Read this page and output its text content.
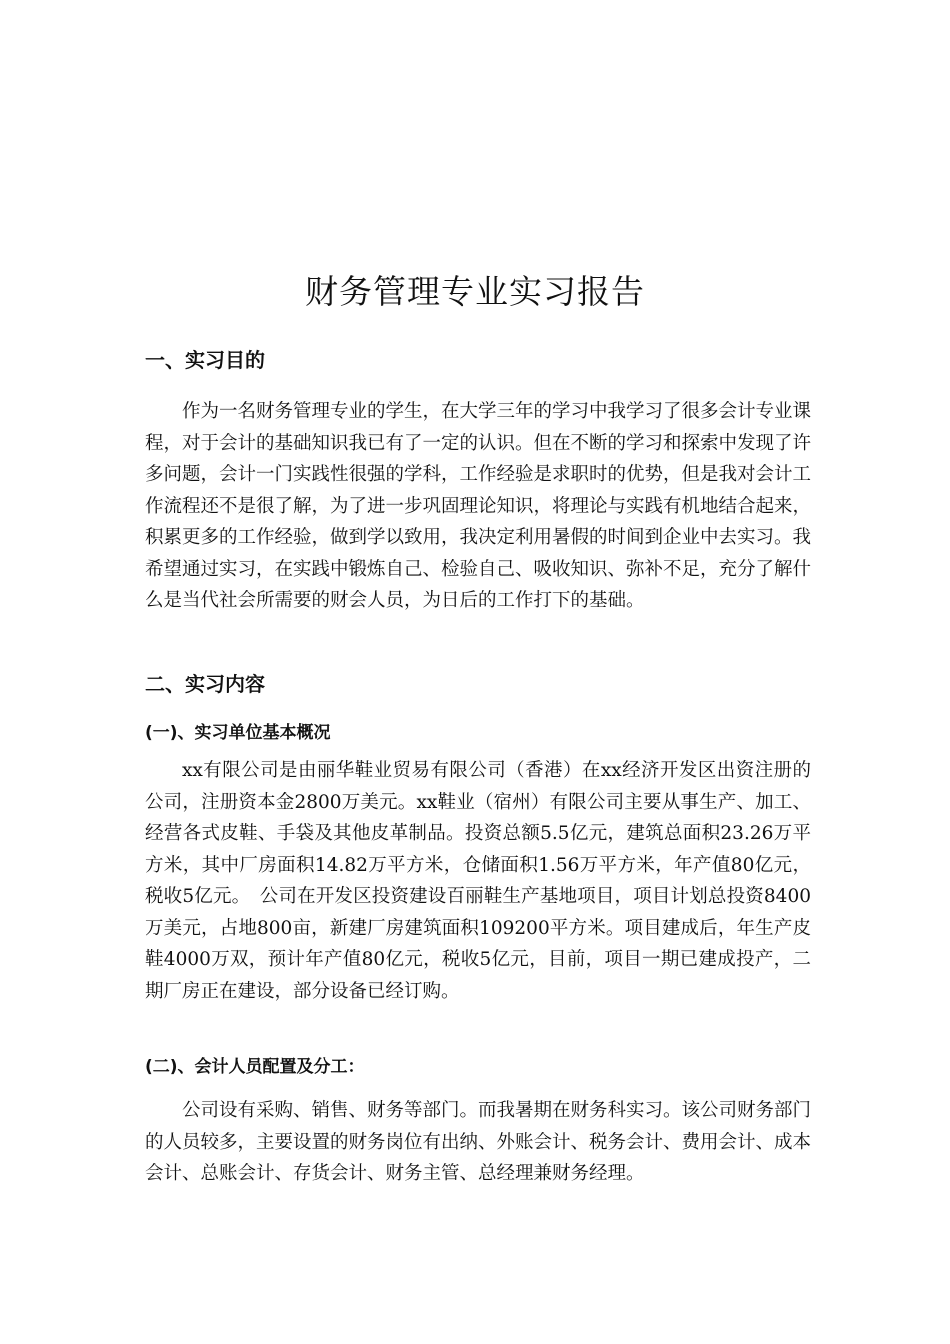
财务管理专业实习报告
一、实习目的

作为一名财务管理专业的学生，在大学三年的学习中我学习了很多会计专业课程，对于会计的基础知识我已有了一定的认识。但在不断的学习和探索中发现了许多问题，会计一门实践性很强的学科，工作经验是求职时的优势，但是我对会计工作流程还不是很了解，为了进一步巩固理论知识，将理论与实践有机地结合起来，积累更多的工作经验，做到学以致用，我决定利用暑假的时间到企业中去实习。我希望通过实习，在实践中锻炼自己、检验自己、吸收知识、弥补不足，充分了解什么是当代社会所需要的财会人员，为日后的工作打下的基础。

二、实习内容
(一)、实习单位基本概况

xx有限公司是由丽华鞋业贸易有限公司（香港）在xx经济开发区出资注册的公司，注册资本金2800万美元。xx鞋业（宿州）有限公司主要从事生产、加工、经营各式皮鞋、手袋及其他皮革制品。投资总额5.5亿元，建筑总面积23.26万平方米，其中厂房面积14.82万平方米，仓储面积1.56万平方米，年产值80亿元，税收5亿元。　公司在开发区投资建设百丽鞋生产基地项目，项目计划总投资8400万美元，占地800亩，新建厂房建筑面积109200平方米。项目建成后，年生产皮鞋4000万双，预计年产值80亿元，税收5亿元，目前，项目一期已建成投产，二期厂房正在建设，部分设备已经订购。

(二)、会计人员配置及分工：

公司设有采购、销售、财务等部门。而我暑期在财务科实习。该公司财务部门的人员较多，主要设置的财务岗位有出纳、外账会计、税务会计、费用会计、成本会计、总账会计、存货会计、财务主管、总经理兼财务经理。
